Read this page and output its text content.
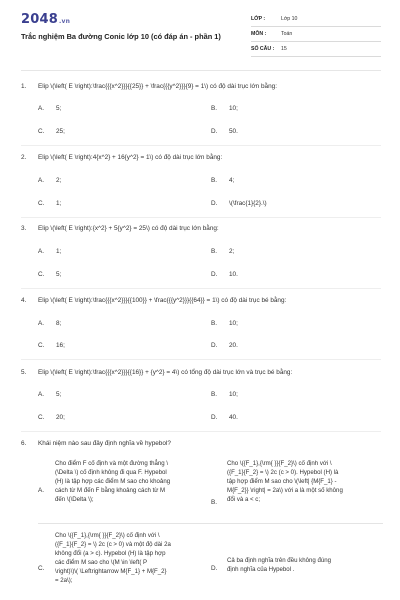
2048.vn
Trắc nghiệm Ba đường Conic lớp 10 (có đáp án - phần 1)
LỚP :	Lớp 10
MÔN :	Toán
SỐ CÂU :	15
1. Elip \(\left( E \right):\frac{{{x^2}}}{{25}} + \frac{{{y^2}}}{9} = 1\) có độ dài trục lớn bằng:
A. 5;	B. 10;
C. 25;	D. 50.
2. Elip \(\left( E \right):4{x^2} + 16{y^2} = 1\) có độ dài trục lớn bằng:
A. 2;	B. 4;
C. 1;	D. \(\frac{1}{2}.\)
3. Elip \(\left( E \right):{x^2} + 5{y^2} = 25\) có độ dài trục lớn bằng:
A. 1;	B. 2;
C. 5;	D. 10.
4. Elip \(\left( E \right):\frac{{{x^2}}}{{100}} + \frac{{{y^2}}}{{64}} = 1\) có độ dài trục bé bằng:
A. 8;	B. 10;
C. 16;	D. 20.
5. Elip \(\left( E \right):\frac{{{x^2}}}{{16}} + {y^2} = 4\) có tổng độ dài trục lớn và trục bé bằng:
A. 5;	B. 10;
C. 20;	D. 40.
6. Khái niệm nào sau đây định nghĩa về hypebol?
A.
Cho điểm F cố định và một đường thẳng \
(\Delta \) cố định không đi qua F. Hypebol
(H) là tập hợp các điểm M sao cho khoảng
cách từ M đến F bằng khoảng cách từ M
đến \(\Delta \);	B.
Cho \({F_1},{\rm{ }}{F_2}\) cố định với \
({F_1}{F_2} = \) 2c (c > 0). Hypebol (H) là
tập hợp điểm M sao cho \(\left| {M{F_1} -
M{F_2}} \right| = 2a\) với a là một số không
đổi và a < c;
C.
Cho \({F_1},{\rm{ }}{F_2}\) cố định với \
({F_1}{F_2} = \) 2c (c > 0) và một độ dài 2a
không đổi (a > c). Hypebol (H) là tập hợp
các điểm M sao cho \(M \in \left( P
\right)\)\( \Leftrightarrow M{F_1} + M{F_2}
= 2a\);
D.
Cả ba định nghĩa trên đều không đúng
định nghĩa của Hypebol .
